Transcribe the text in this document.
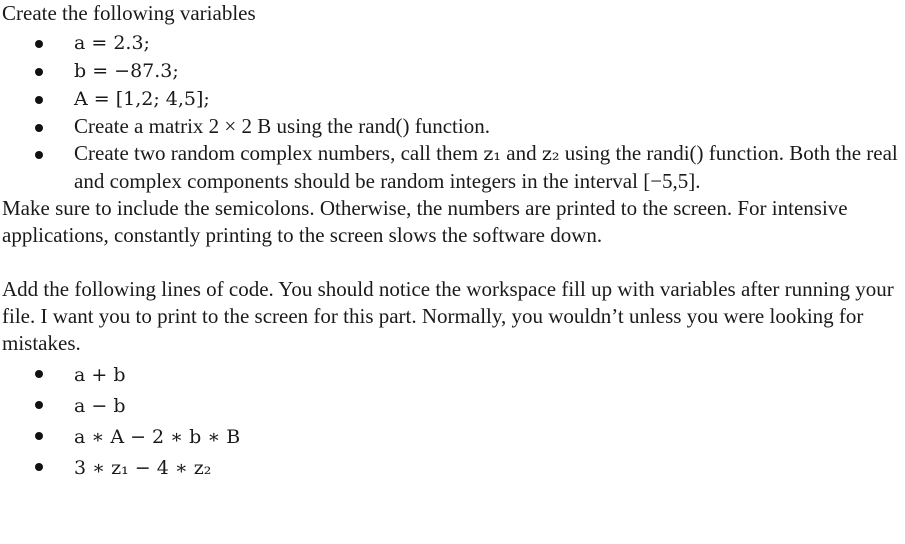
Create the following variables

a = 2.3;
b = −87.3;
A = [1,2; 4,5];
Create a matrix 2 × 2 B using the rand() function.
Create two random complex numbers, call them z₁ and z₂ using the randi() function. Both the real and complex components should be random integers in the interval [−5,5].

Make sure to include the semicolons. Otherwise, the numbers are printed to the screen. For intensive applications, constantly printing to the screen slows the software down.

Add the following lines of code. You should notice the workspace fill up with variables after running your file. I want you to print to the screen for this part. Normally, you wouldn’t unless you were looking for mistakes.

a + b
a − b
a ∗ A − 2 ∗ b ∗ B
3 ∗ z₁ − 4 ∗ z₂
